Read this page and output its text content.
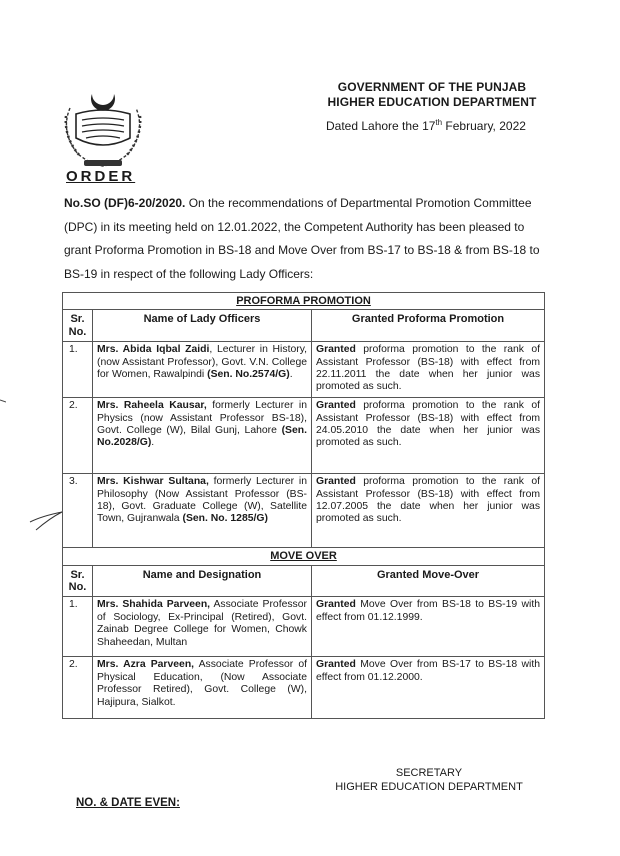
GOVERNMENT OF THE PUNJAB
HIGHER EDUCATION DEPARTMENT
Dated Lahore the 17th February, 2022
ORDER
No.SO (DF)6-20/2020. On the recommendations of Departmental Promotion Committee (DPC) in its meeting held on 12.01.2022, the Competent Authority has been pleased to grant Proforma Promotion in BS-18 and Move Over from BS-17 to BS-18 & from BS-18 to BS-19 in respect of the following Lady Officers:
PROFORMA PROMOTION		
Sr. No.	Name of Lady Officers	Granted Proforma Promotion
1.	Mrs. Abida Iqbal Zaidi, Lecturer in History, (now Assistant Professor), Govt. V.N. College for Women, Rawalpindi (Sen. No.2574/G).	Granted proforma promotion to the rank of Assistant Professor (BS-18) with effect from 22.11.2011 the date when her junior was promoted as such.
2.	Mrs. Raheela Kausar, formerly Lecturer in Physics (now Assistant Professor BS-18), Govt. College (W), Bilal Gunj, Lahore (Sen. No.2028/G).	Granted proforma promotion to the rank of Assistant Professor (BS-18) with effect from 24.05.2010 the date when her junior was promoted as such.
3.	Mrs. Kishwar Sultana, formerly Lecturer in Philosophy (Now Assistant Professor (BS-18), Govt. Graduate College (W), Satellite Town, Gujranwala (Sen. No. 1285/G)	Granted proforma promotion to the rank of Assistant Professor (BS-18) with effect from 12.07.2005 the date when her junior was promoted as such.
MOVE OVER		
Sr. No.	Name and Designation	Granted Move-Over
1.	Mrs. Shahida Parveen, Associate Professor of Sociology, Ex-Principal (Retired), Govt. Zainab Degree College for Women, Chowk Shaheedan, Multan	Granted Move Over from BS-18 to BS-19 with effect from 01.12.1999.
2.	Mrs. Azra Parveen, Associate Professor of Physical Education, (Now Associate Professor Retired), Govt. College (W), Hajipura, Sialkot.	Granted Move Over from BS-17 to BS-18 with effect from 01.12.2000.
SECRETARY
HIGHER EDUCATION DEPARTMENT
NO. & DATE EVEN:
